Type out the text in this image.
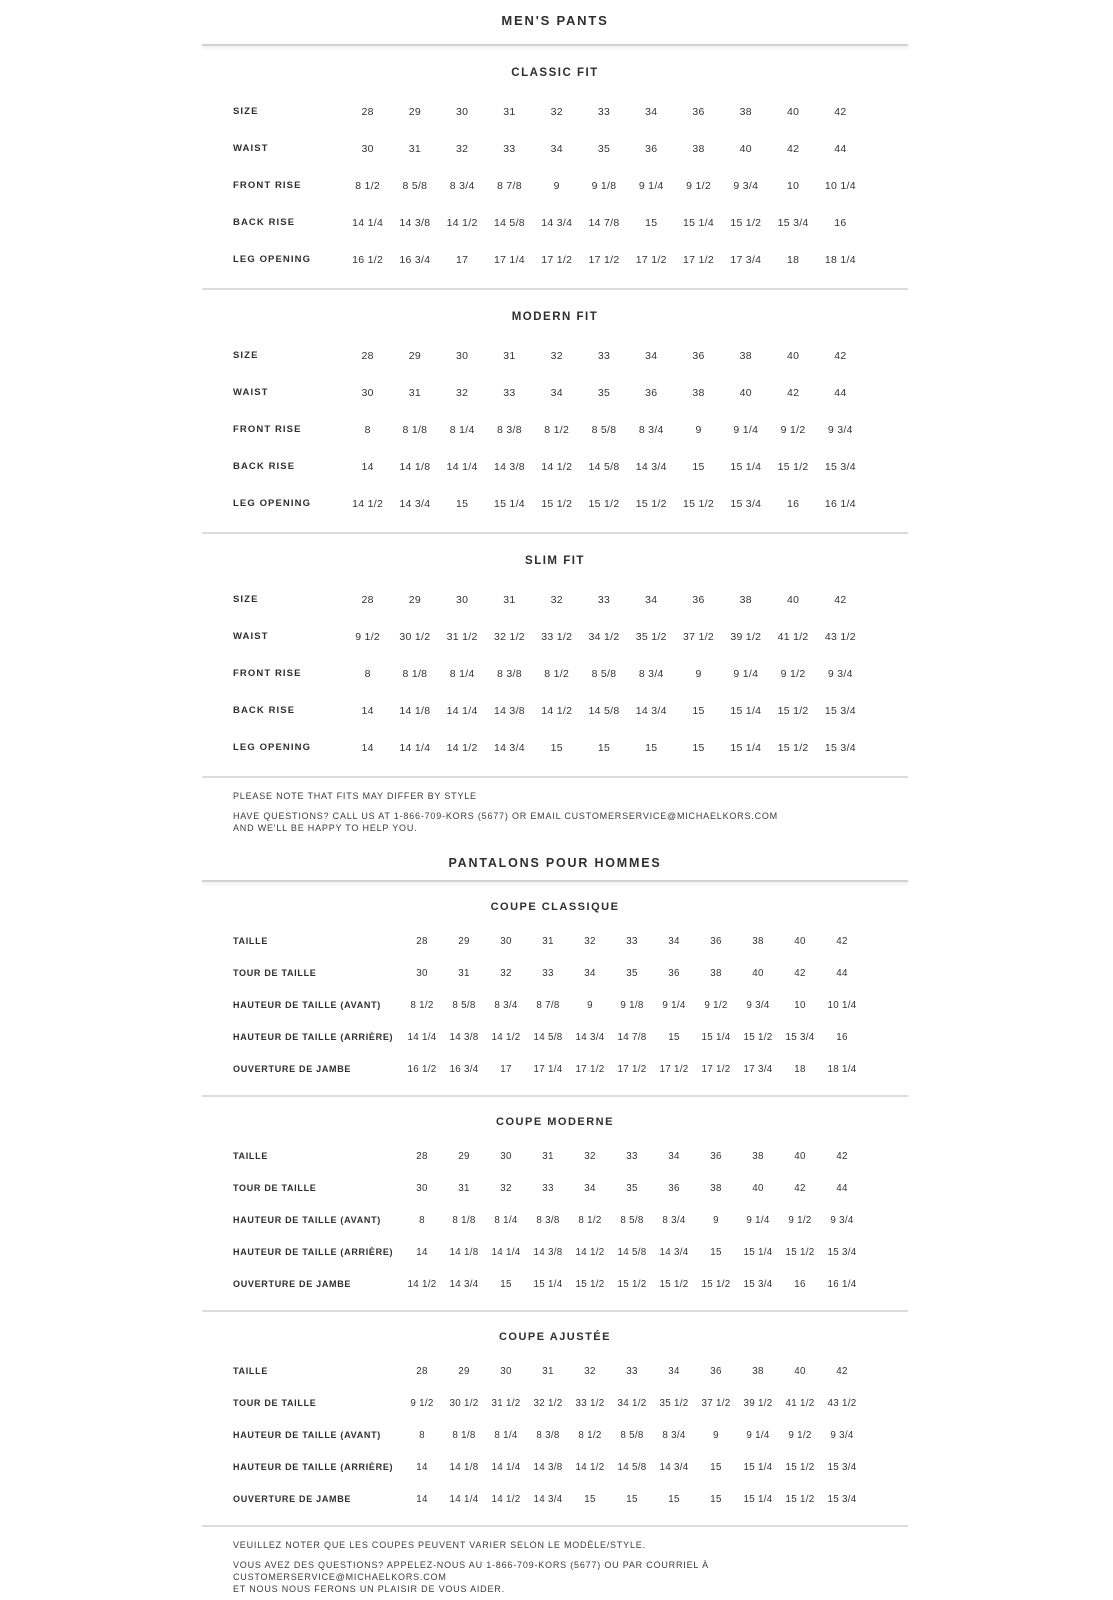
MEN'S PANTS
CLASSIC FIT
SIZE	28	29	30	31	32	33	34	36	38	40	42
WAIST	30	31	32	33	34	35	36	38	40	42	44
FRONT RISE	8 1/2	8 5/8	8 3/4	8 7/8	9	9 1/8	9 1/4	9 1/2	9 3/4	10	10 1/4
BACK RISE	14 1/4	14 3/8	14 1/2	14 5/8	14 3/4	14 7/8	15	15 1/4	15 1/2	15 3/4	16
LEG OPENING	16 1/2	16 3/4	17	17 1/4	17 1/2	17 1/2	17 1/2	17 1/2	17 3/4	18	18 1/4
MODERN FIT
SIZE	28	29	30	31	32	33	34	36	38	40	42
WAIST	30	31	32	33	34	35	36	38	40	42	44
FRONT RISE	8	8 1/8	8 1/4	8 3/8	8 1/2	8 5/8	8 3/4	9	9 1/4	9 1/2	9 3/4
BACK RISE	14	14 1/8	14 1/4	14 3/8	14 1/2	14 5/8	14 3/4	15	15 1/4	15 1/2	15 3/4
LEG OPENING	14 1/2	14 3/4	15	15 1/4	15 1/2	15 1/2	15 1/2	15 1/2	15 3/4	16	16 1/4
SLIM FIT
SIZE	28	29	30	31	32	33	34	36	38	40	42
WAIST	9 1/2	30 1/2	31 1/2	32 1/2	33 1/2	34 1/2	35 1/2	37 1/2	39 1/2	41 1/2	43 1/2
FRONT RISE	8	8 1/8	8 1/4	8 3/8	8 1/2	8 5/8	8 3/4	9	9 1/4	9 1/2	9 3/4
BACK RISE	14	14 1/8	14 1/4	14 3/8	14 1/2	14 5/8	14 3/4	15	15 1/4	15 1/2	15 3/4
LEG OPENING	14	14 1/4	14 1/2	14 3/4	15	15	15	15	15 1/4	15 1/2	15 3/4

PLEASE NOTE THAT FITS MAY DIFFER BY STYLE

HAVE QUESTIONS? CALL US AT 1-866-709-KORS (5677) OR EMAIL CUSTOMERSERVICE@MICHAELKORS.COM
AND WE'LL BE HAPPY TO HELP YOU.

PANTALONS POUR HOMMES
COUPE CLASSIQUE
TAILLE	28	29	30	31	32	33	34	36	38	40	42
TOUR DE TAILLE	30	31	32	33	34	35	36	38	40	42	44
HAUTEUR DE TAILLE (AVANT)	8 1/2	8 5/8	8 3/4	8 7/8	9	9 1/8	9 1/4	9 1/2	9 3/4	10	10 1/4
HAUTEUR DE TAILLE (ARRIÈRE)	14 1/4	14 3/8	14 1/2	14 5/8	14 3/4	14 7/8	15	15 1/4	15 1/2	15 3/4	16
OUVERTURE DE JAMBE	16 1/2	16 3/4	17	17 1/4	17 1/2	17 1/2	17 1/2	17 1/2	17 3/4	18	18 1/4
COUPE MODERNE
TAILLE	28	29	30	31	32	33	34	36	38	40	42
TOUR DE TAILLE	30	31	32	33	34	35	36	38	40	42	44
HAUTEUR DE TAILLE (AVANT)	8	8 1/8	8 1/4	8 3/8	8 1/2	8 5/8	8 3/4	9	9 1/4	9 1/2	9 3/4
HAUTEUR DE TAILLE (ARRIÈRE)	14	14 1/8	14 1/4	14 3/8	14 1/2	14 5/8	14 3/4	15	15 1/4	15 1/2	15 3/4
OUVERTURE DE JAMBE	14 1/2	14 3/4	15	15 1/4	15 1/2	15 1/2	15 1/2	15 1/2	15 3/4	16	16 1/4
COUPE AJUSTÉE
TAILLE	28	29	30	31	32	33	34	36	38	40	42
TOUR DE TAILLE	9 1/2	30 1/2	31 1/2	32 1/2	33 1/2	34 1/2	35 1/2	37 1/2	39 1/2	41 1/2	43 1/2
HAUTEUR DE TAILLE (AVANT)	8	8 1/8	8 1/4	8 3/8	8 1/2	8 5/8	8 3/4	9	9 1/4	9 1/2	9 3/4
HAUTEUR DE TAILLE (ARRIÈRE)	14	14 1/8	14 1/4	14 3/8	14 1/2	14 5/8	14 3/4	15	15 1/4	15 1/2	15 3/4
OUVERTURE DE JAMBE	14	14 1/4	14 1/2	14 3/4	15	15	15	15	15 1/4	15 1/2	15 3/4

VEUILLEZ NOTER QUE LES COUPES PEUVENT VARIER SELON LE MODÈLE/STYLE.

VOUS AVEZ DES QUESTIONS? APPELEZ-NOUS AU 1-866-709-KORS (5677) OU PAR COURRIEL À CUSTOMERSERVICE@MICHAELKORS.COM
ET NOUS NOUS FERONS UN PLAISIR DE VOUS AIDER.
